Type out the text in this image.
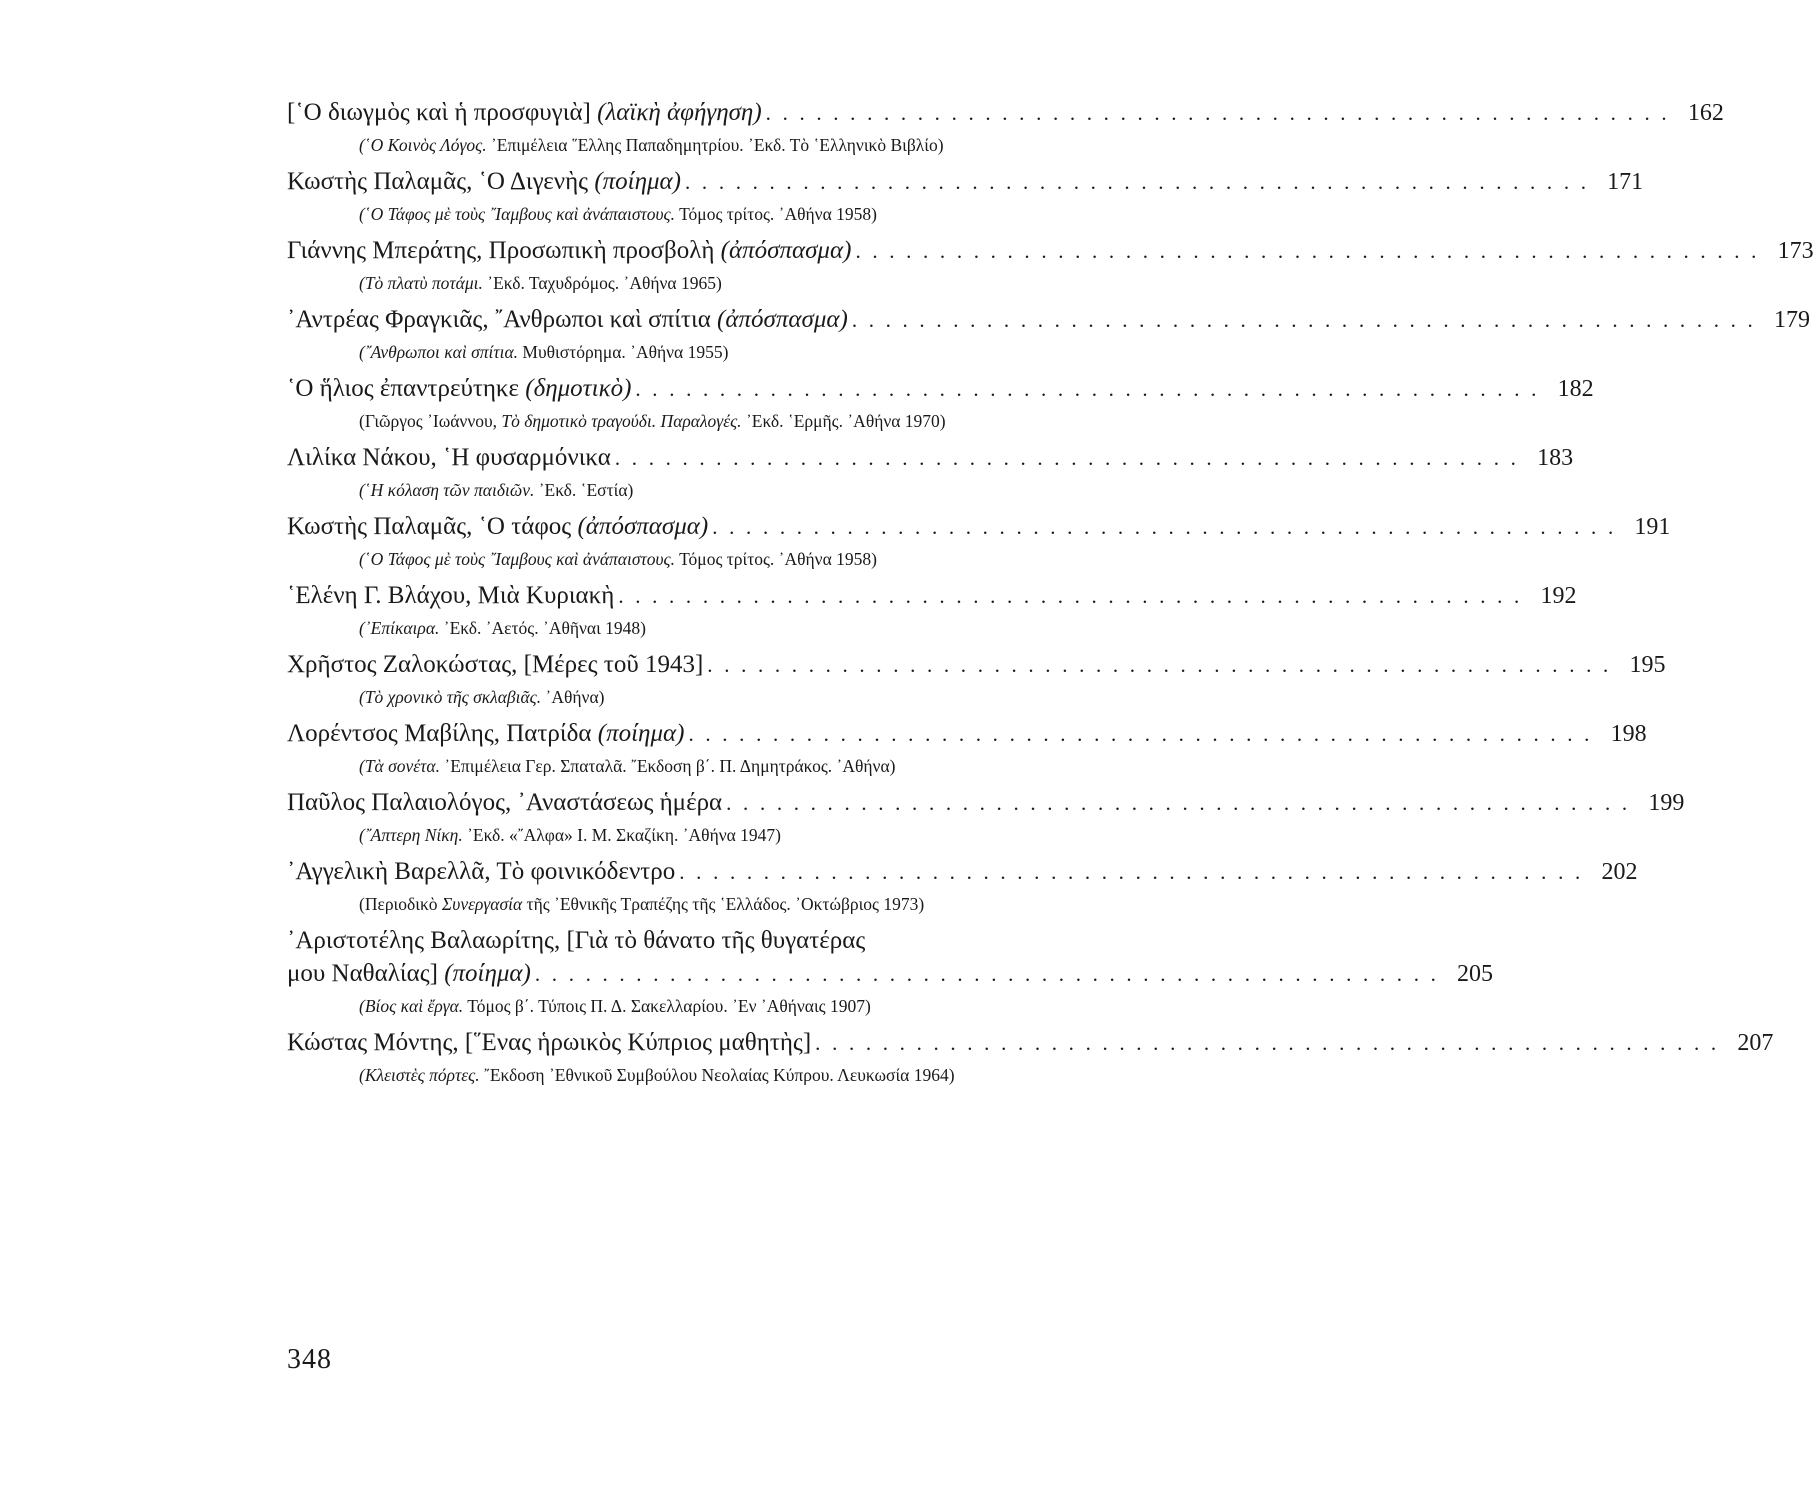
[῾Ο διωγμὸς καὶ ἡ προσφυγιὰ]
(λαϊκὴ ἀφήγηση) . . . . . . . . . . . . . . . . . . . . . . . . . . . . . . . . . . . . . . . . . . . . . . . . . . . . . . 162
(῾Ο Κοινὸς Λόγος. ᾿Επιμέλεια ῞Ελλης Παπαδημητρίου. ᾿Εκδ. Τὸ ῾Ελληνικὸ Βιβλίο)
Κωστὴς Παλαμᾶς, ῾Ο Διγενὴς
(ποίημα) . . . . . . . . . . . . . . . . . . . . . . . . . . . . . . . . . . . . . . . . . . . . . . . . . . . . . . 171
(῾Ο Τάφος μὲ τοὺς ῎Ιαμβους καὶ ἀνάπαιστους. Τόμος τρίτος. ᾿Αθήνα 1958)
Γιάννης Μπεράτης, Προσωπικὴ προσβολὴ
(ἀπόσπασμα) . . . . . . . . . . . . . . . . . . . . . . . . . . . . . . . . . . . . . . . . . . . . . . . . . . . . . . 173
(Τὸ πλατὺ ποτάμι. ᾿Εκδ. Ταχυδρόμος. ᾿Αθήνα 1965)
᾿Αντρέας Φραγκιᾶς, ῎Ανθρωποι καὶ σπίτια
(ἀπόσπασμα) . . . . . . . . . . . . . . . . . . . . . . . . . . . . . . . . . . . . . . . . . . . . . . . . . . . . . . 179
(῎Ανθρωποι καὶ σπίτια. Μυθιστόρημα. ᾿Αθήνα 1955)
῾Ο ἥλιος ἐπαντρεύτηκε
(δημοτικὸ) . . . . . . . . . . . . . . . . . . . . . . . . . . . . . . . . . . . . . . . . . . . . . . . . . . . . . . 182
(Γιῶργος ᾿Ιωάννου, Τὸ δημοτικὸ τραγούδι. Παραλογές. ᾿Εκδ. ῾Ερμῆς. ᾿Αθήνα 1970)
Λιλίκα Νάκου, ῾Η φυσαρμόνικα . . . . . . . . . . . . . . . . . . . . . . . . . . . . . . . . . . . . . . . . . . . . . . . . . . . . . . 183
(῾Η κόλαση τῶν παιδιῶν. ᾿Εκδ. ῾Εστία)
Κωστὴς Παλαμᾶς, ῾Ο τάφος
(ἀπόσπασμα) . . . . . . . . . . . . . . . . . . . . . . . . . . . . . . . . . . . . . . . . . . . . . . . . . . . . . . 191
(῾Ο Τάφος μὲ τοὺς ῎Ιαμβους καὶ ἀνάπαιστους. Τόμος τρίτος. ᾿Αθήνα 1958)
῾Ελένη Γ. Βλάχου, Μιὰ Κυριακὴ . . . . . . . . . . . . . . . . . . . . . . . . . . . . . . . . . . . . . . . . . . . . . . . . . . . . . . 192
(᾿Επίκαιρα. ᾿Εκδ. ᾿Αετός. ᾿Αθῆναι 1948)
Χρῆστος Ζαλοκώστας, [Μέρες τοῦ 1943] . . . . . . . . . . . . . . . . . . . . . . . . . . . . . . . . . . . . . . . . . . . . . . . . . . . . . . 195
(Τὸ χρονικὸ τῆς σκλαβιᾶς. ᾿Αθήνα)
Λορέντσος Μαβίλης, Πατρίδα
(ποίημα) . . . . . . . . . . . . . . . . . . . . . . . . . . . . . . . . . . . . . . . . . . . . . . . . . . . . . . 198
(Τὰ σονέτα. ᾿Επιμέλεια Γερ. Σπαταλᾶ. ῎Εκδοση β΄. Π. Δημητράκος. ᾿Αθήνα)
Παῦλος Παλαιολόγος, ᾿Αναστάσεως ἡμέρα . . . . . . . . . . . . . . . . . . . . . . . . . . . . . . . . . . . . . . . . . . . . . . . . . . . . . . 199
(῎Απτερη Νίκη. ᾿Εκδ. «῎Αλφα» Ι. Μ. Σκαζίκη. ᾿Αθήνα 1947)
᾿Αγγελικὴ Βαρελλᾶ, Τὸ φοινικόδεντρο . . . . . . . . . . . . . . . . . . . . . . . . . . . . . . . . . . . . . . . . . . . . . . . . . . . . . . 202
(Περιοδικὸ Συνεργασία τῆς ᾿Εθνικῆς Τραπέζης τῆς ῾Ελλάδος. ᾿Οκτώβριος 1973)
᾿Αριστοτέλης Βαλαωρίτης, [Γιὰ τὸ θάνατο τῆς θυγατέρας
μου Ναθαλίας]
(ποίημα) . . . . . . . . . . . . . . . . . . . . . . . . . . . . . . . . . . . . . . . . . . . . . . . . . . . . . . 205
(Βίος καὶ ἔργα. Τόμος β΄. Τύποις Π. Δ. Σακελλαρίου. ᾿Εν ᾿Αθήναις 1907)
Κώστας Μόντης, [῞Ενας ἡρωικὸς Κύπριος μαθητὴς] . . . . . . . . . . . . . . . . . . . . . . . . . . . . . . . . . . . . . . . . . . . . . . . . . . . . . . 207
(Κλειστὲς πόρτες. ῎Εκδοση ᾿Εθνικοῦ Συμβούλου Νεολαίας Κύπρου. Λευκωσία 1964)
348
